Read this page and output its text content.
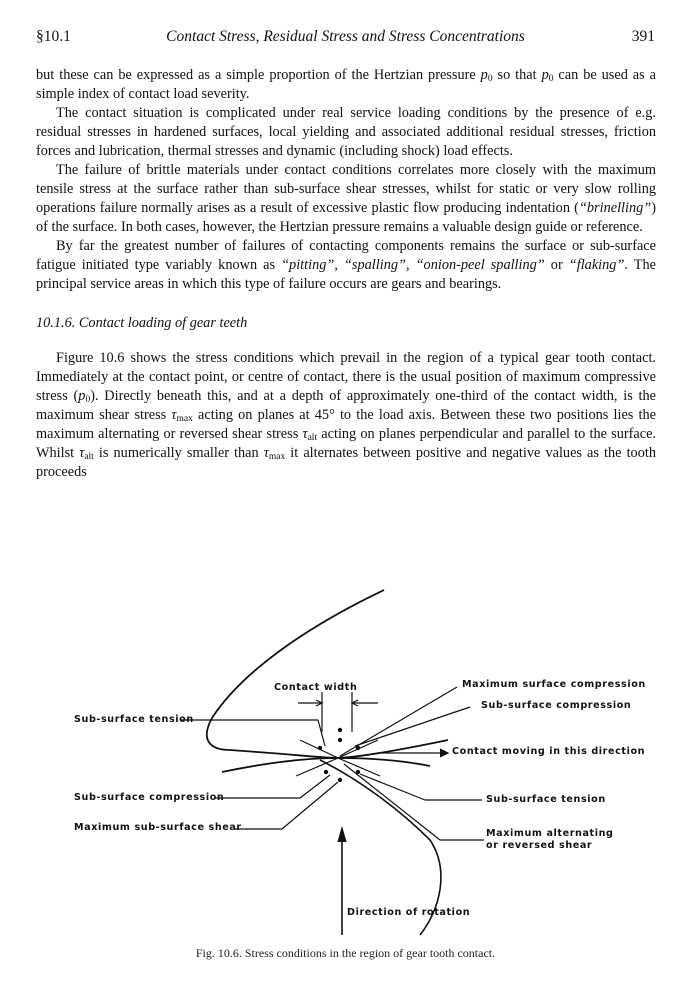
§10.1	Contact Stress, Residual Stress and Stress Concentrations	391

but these can be expressed as a simple proportion of the Hertzian pressure $p_0$ so that $p_0$ can be used as a simple index of contact load severity.

The contact situation is complicated under real service loading conditions by the presence of e.g. residual stresses in hardened surfaces, local yielding and associated additional residual stresses, friction forces and lubrication, thermal stresses and dynamic (including shock) load effects.

The failure of brittle materials under contact conditions correlates more closely with the maximum tensile stress at the surface rather than sub-surface shear stresses, whilst for static or very slow rolling operations failure normally arises as a result of excessive plastic flow producing indentation (“brinelling”) of the surface. In both cases, however, the Hertzian pressure remains a valuable design guide or reference.

By far the greatest number of failures of contacting components remains the surface or sub-surface fatigue initiated type variably known as “pitting”, “spalling”, “onion-peel spalling” or “flaking”. The principal service areas in which this type of failure occurs are gears and bearings.

10.1.6. Contact loading of gear teeth

Figure 10.6 shows the stress conditions which prevail in the region of a typical gear tooth contact. Immediately at the contact point, or centre of contact, there is the usual position of maximum compressive stress $(p_0)$. Directly beneath this, and at a depth of approximately one-third of the contact width, is the maximum shear stress $\tau_{max}$ acting on planes at 45° to the load axis. Between these two positions lies the maximum alternating or reversed shear stress $\tau_{alt}$ acting on planes perpendicular and parallel to the surface. Whilst $\tau_{alt}$ is numerically smaller than $\tau_{max}$ it alternates between positive and negative values as the tooth proceeds

Contact width	Maximum surface compression
Sub-surface compression
Sub-surface tension
Contact moving in this direction
Sub-surface compression	Sub-surface tension
Maximum sub-surface shear
Maximum alternating
or reversed shear
Direction of rotation
Fig. 10.6. Stress conditions in the region of gear tooth contact.
